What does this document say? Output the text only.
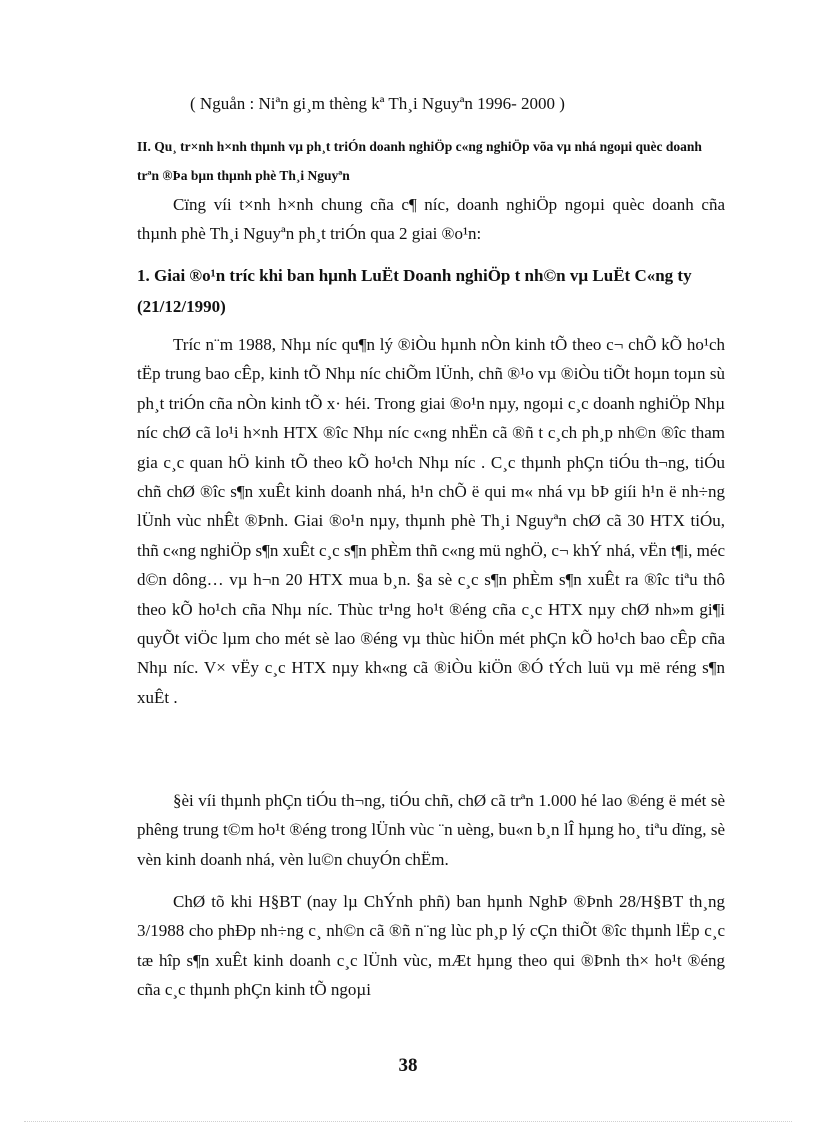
( Nguån : Niªn gi¸m thèng kª Th¸i Nguyªn 1996- 2000 )
II. Qu¸ tr×nh h×nh thµnh vµ ph¸t triÓn doanh nghiÖp c«ng nghiÖp võa vµ nhá ngoµi quèc doanh trªn ®Þa bµn thµnh phè Th¸i Nguyªn
Cïng víi t×nh h×nh chung cña c¶ níc, doanh nghiÖp ngoµi quèc doanh cña thµnh phè Th¸i Nguyªn ph¸t triÓn qua 2 giai ®o¹n:
1. Giai ®o¹n tríc khi ban hµnh LuËt Doanh nghiÖp t nh©n vµ LuËt C«ng ty (21/12/1990)
Tríc n¨m 1988, Nhµ níc qu¶n lý ®iÒu hµnh nÒn kinh tÕ theo c¬ chÕ kÕ ho¹ch tËp trung bao cÊp, kinh tÕ Nhµ níc chiÕm lÜnh, chñ ®¹o vµ ®iÒu tiÕt hoµn toµn sù ph¸t triÓn cña nÒn kinh tÕ x· héi. Trong giai ®o¹n nµy, ngoµi c¸c doanh nghiÖp Nhµ níc chØ cã lo¹i h×nh HTX ®îc Nhµ níc c«ng nhËn cã ®ñ t c¸ch ph¸p nh©n ®îc tham gia c¸c quan hÖ kinh tÕ theo kÕ ho¹ch Nhµ níc . C¸c thµnh phÇn tiÓu th¬ng, tiÓu chñ chØ ®îc s¶n xuÊt kinh doanh nhá, h¹n chÕ ë qui m« nhá vµ bÞ giíi h¹n ë nh÷ng lÜnh vùc nhÊt ®Þnh. Giai ®o¹n nµy, thµnh phè Th¸i Nguyªn chØ cã 30 HTX tiÓu, thñ c«ng nghiÖp s¶n xuÊt c¸c s¶n phÈm thñ c«ng mü nghÖ, c¬ khÝ nhá, vËn t¶i, méc d©n dông… vµ h¬n 20 HTX mua b¸n. §a sè c¸c s¶n phÈm s¶n xuÊt ra ®îc tiªu thô theo kÕ ho¹ch cña Nhµ níc. Thùc tr¹ng ho¹t ®éng cña c¸c HTX nµy chØ nh»m gi¶i quyÕt viÖc lµm cho mét sè lao ®éng vµ thùc hiÖn mét phÇn kÕ ho¹ch bao cÊp cña Nhµ níc. V× vËy c¸c HTX nµy kh«ng cã ®iÒu kiÖn ®Ó tÝch luü vµ më réng s¶n xuÊt .
§èi víi thµnh phÇn tiÓu th¬ng, tiÓu chñ, chØ cã trªn 1.000 hé lao ®éng ë mét sè phêng trung t©m ho¹t ®éng trong lÜnh vùc ¨n uèng, bu«n b¸n lÎ hµng ho¸ tiªu dïng, sè vèn kinh doanh nhá, vèn lu©n chuyÓn chËm.
ChØ tõ khi H§BT (nay lµ ChÝnh phñ) ban hµnh NghÞ ®Þnh 28/H§BT th¸ng 3/1988 cho phÐp nh÷ng c¸ nh©n cã ®ñ n¨ng lùc ph¸p lý cÇn thiÕt ®îc thµnh lËp c¸c tæ hîp s¶n xuÊt kinh doanh c¸c lÜnh vùc, mÆt hµng theo qui ®Þnh th× ho¹t ®éng cña c¸c thµnh phÇn kinh tÕ ngoµi
38
